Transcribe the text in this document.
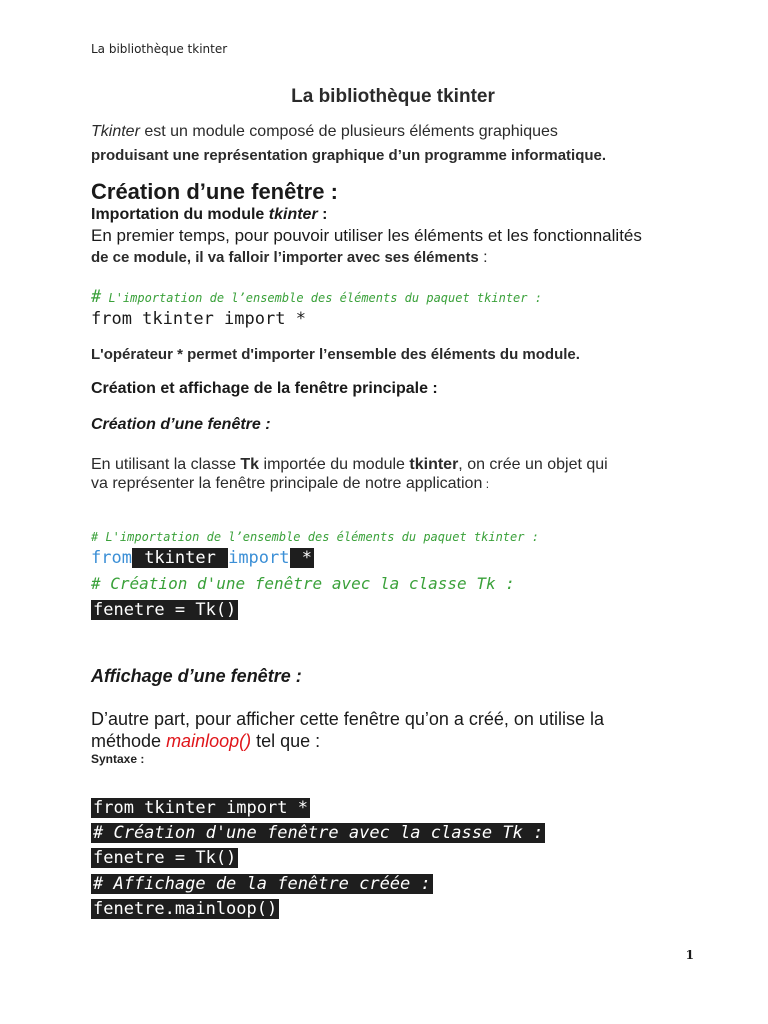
La bibliothèque tkinter
La bibliothèque tkinter
Tkinter est un module composé de plusieurs éléments graphiques
produisant une représentation graphique d’un programme informatique.
Création d’une fenêtre :
Importation du module tkinter :
En premier temps, pour pouvoir utiliser les éléments et les fonctionnalités
de ce module, il va falloir l’importer avec ses éléments :
# L'importation de l’ensemble des éléments du paquet tkinter :
from tkinter import *
L'opérateur * permet d'importer l’ensemble des éléments du module.
Création et affichage de la fenêtre principale :
Création d’une fenêtre :
En utilisant la classe Tk importée du module tkinter, on crée un objet qui
va représenter la fenêtre principale de notre application :
# L'importation de l’ensemble des éléments du paquet tkinter :
from tkinter import *
# Création d'une fenêtre avec la classe Tk :
fenetre = Tk()
Affichage d’une fenêtre :
D’autre part, pour afficher cette fenêtre qu’on a créé, on utilise la
méthode mainloop() tel que :
Syntaxe :
from tkinter import *
# Création d'une fenêtre avec la classe Tk :
fenetre = Tk()
# Affichage de la fenêtre créée :
fenetre.mainloop()
1
